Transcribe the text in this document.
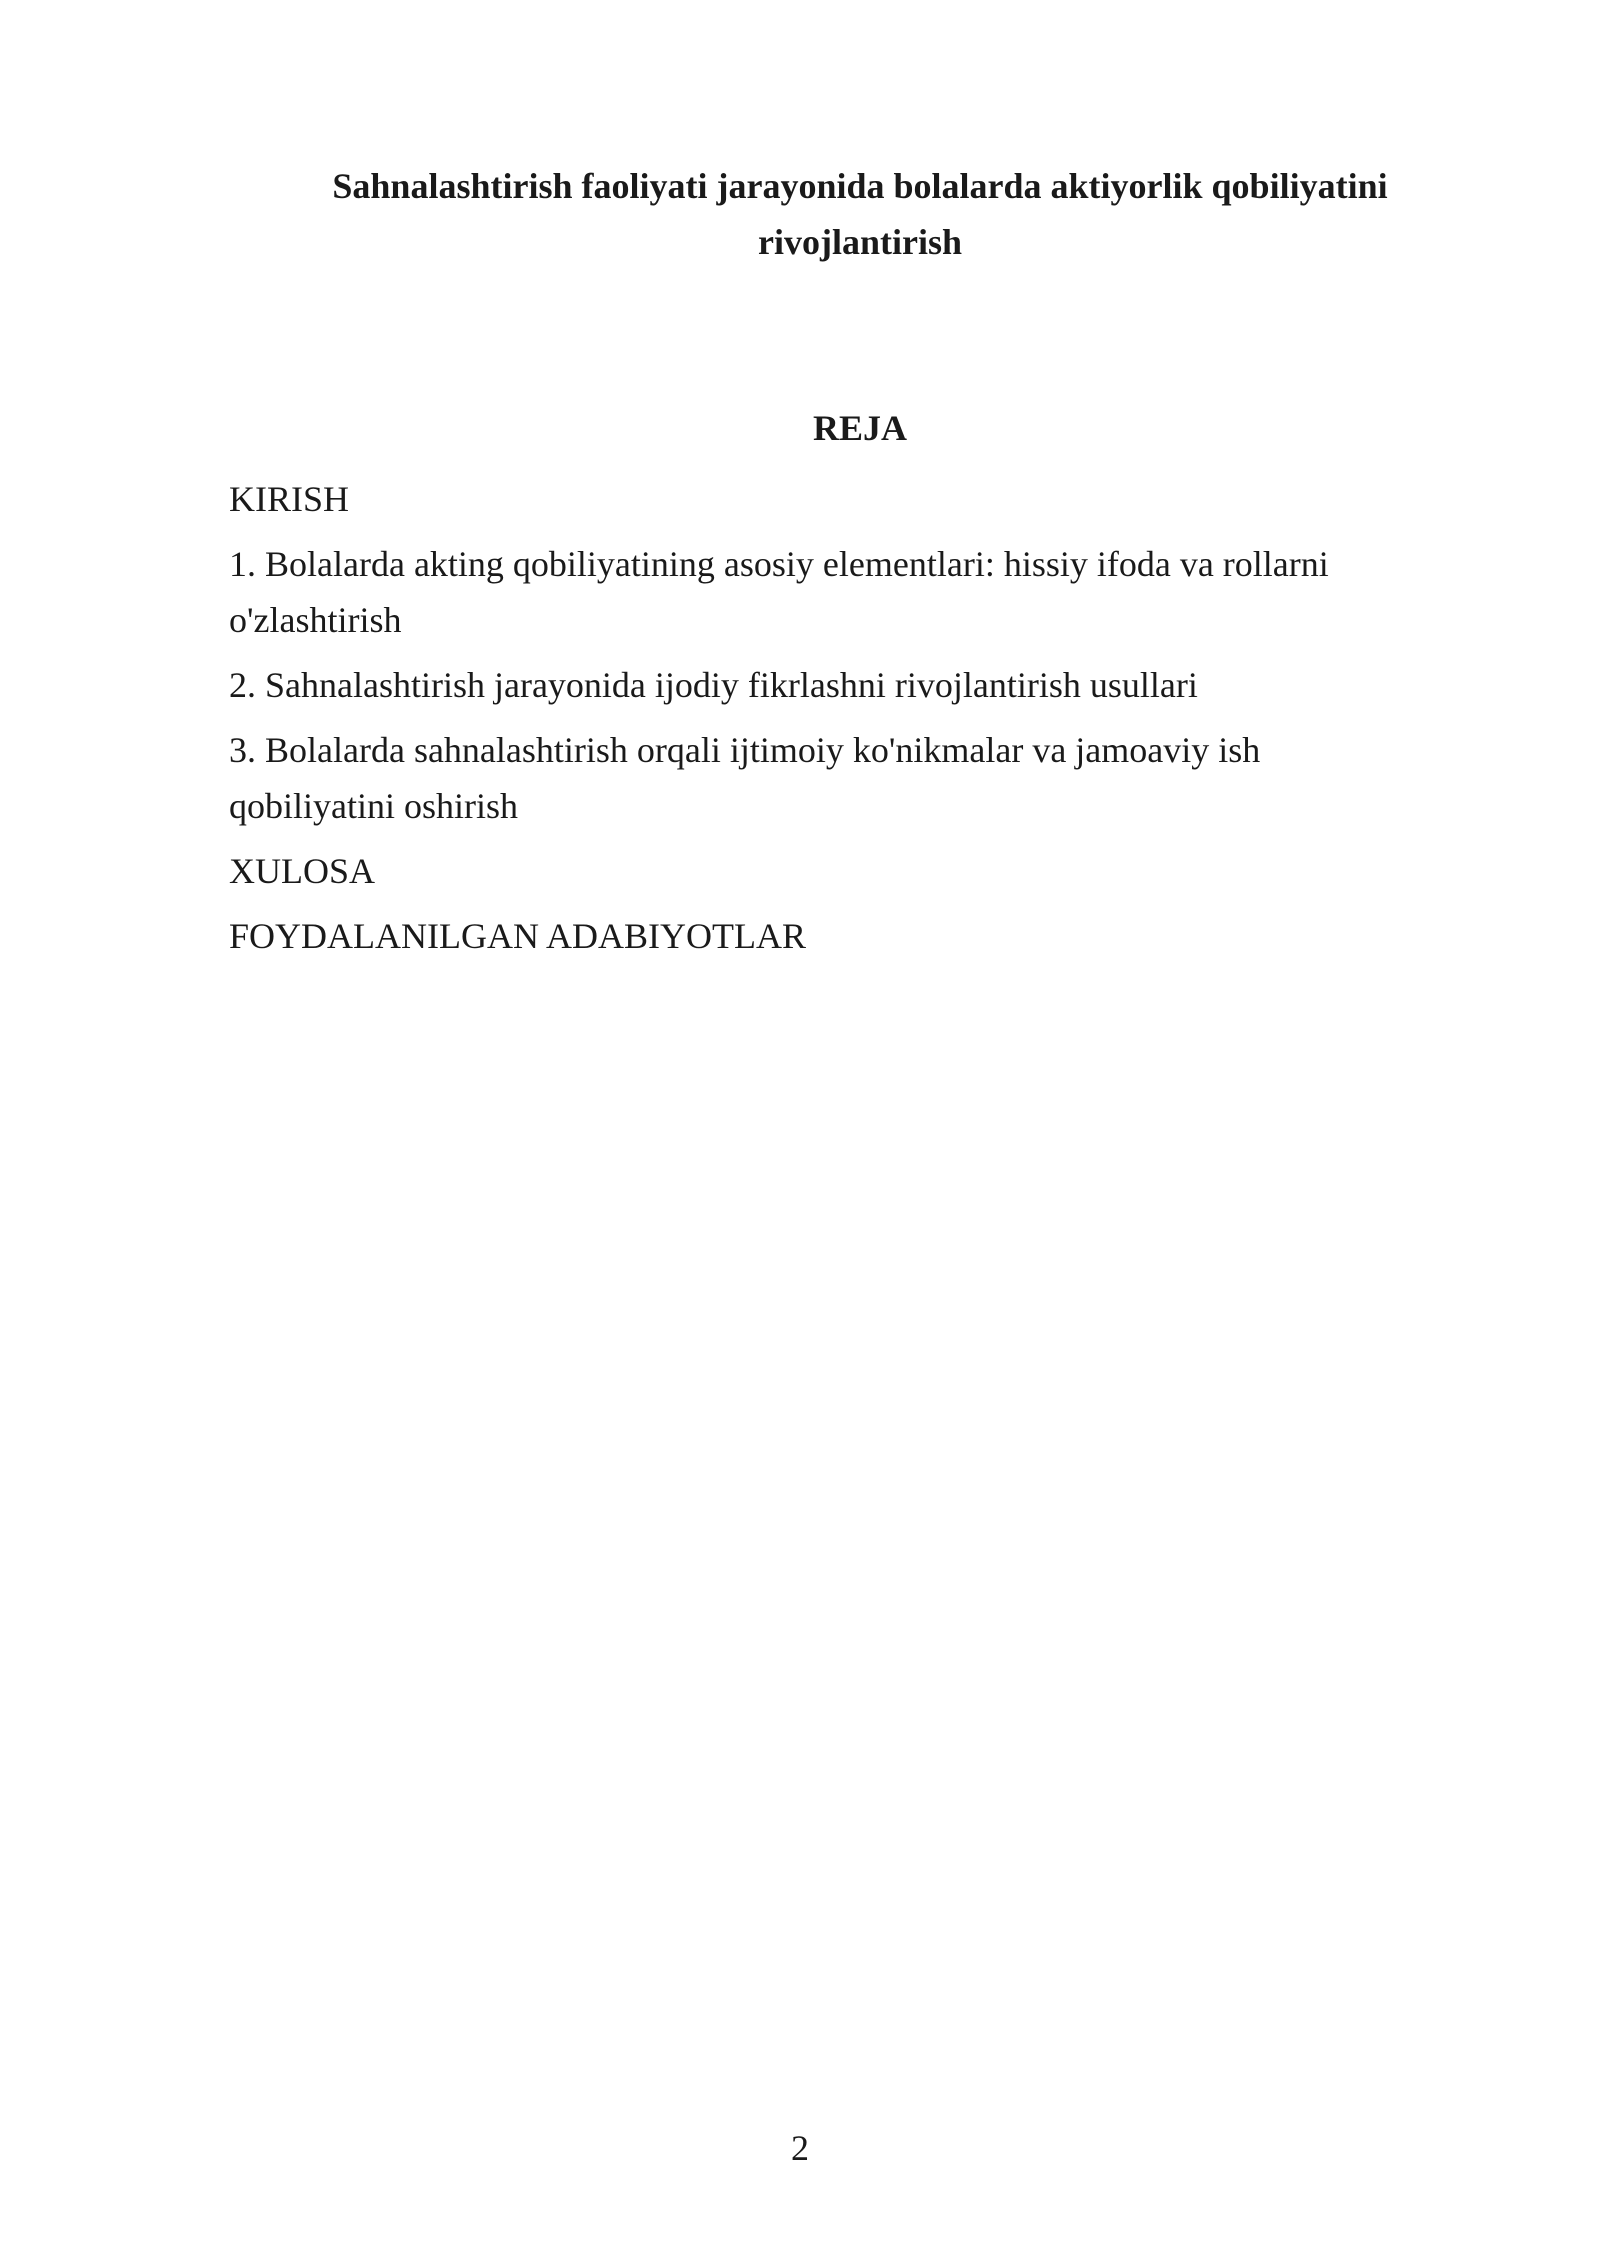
Sahnalashtirish faoliyati jarayonida bolalarda aktiyorlik qobiliyatini rivojlantirish
REJA
KIRISH
1. Bolalarda akting qobiliyatining asosiy elementlari: hissiy ifoda va rollarni o'zlashtirish
2. Sahnalashtirish jarayonida ijodiy fikrlashni rivojlantirish usullari
3. Bolalarda sahnalashtirish orqali ijtimoiy ko'nikmalar va jamoaviy ish qobiliyatini oshirish
XULOSA
FOYDALANILGAN ADABIYOTLAR
2
